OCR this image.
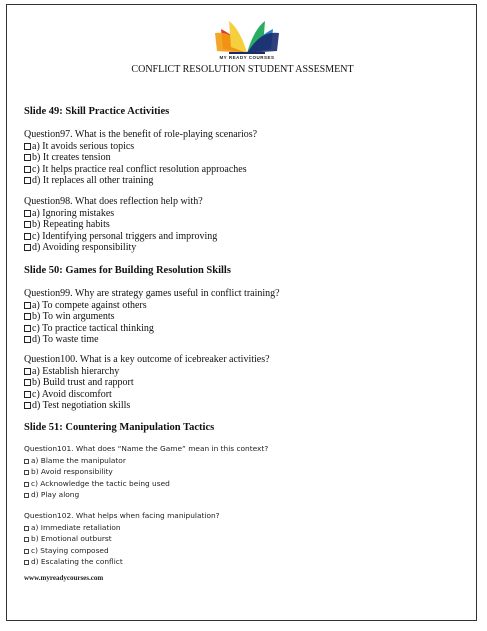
MY READY COURSES
CONFLICT RESOLUTION STUDENT ASSESMENT
Slide 49: Skill Practice Activities
Question97. What is the benefit of role-playing scenarios?
a) It avoids serious topics
b) It creates tension
c) It helps practice real conflict resolution approaches
d) It replaces all other training
Question98. What does reflection help with?
a) Ignoring mistakes
b) Repeating habits
c) Identifying personal triggers and improving
d) Avoiding responsibility
Slide 50: Games for Building Resolution Skills
Question99. Why are strategy games useful in conflict training?
a) To compete against others
b) To win arguments
c) To practice tactical thinking
d) To waste time
Question100. What is a key outcome of icebreaker activities?
a) Establish hierarchy
b) Build trust and rapport
c) Avoid discomfort
d) Test negotiation skills
Slide 51: Countering Manipulation Tactics
Question101. What does “Name the Game” mean in this context?
a) Blame the manipulator
b) Avoid responsibility
c) Acknowledge the tactic being used
d) Play along
Question102. What helps when facing manipulation?
a) Immediate retaliation
b) Emotional outburst
c) Staying composed
d) Escalating the conflict
www.myreadycourses.com
